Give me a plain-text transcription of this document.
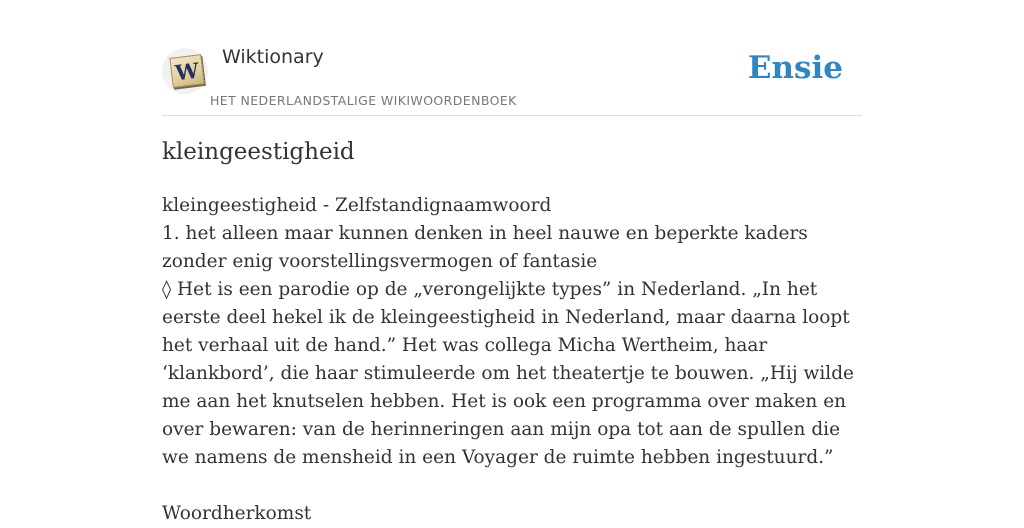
W
Wiktionary
HET NEDERLANDSTALIGE WIKIWOORDENBOEK
Ensie
kleingeestigheid

kleingeestigheid - Zelfstandignaamwoord

1. het alleen maar kunnen denken in heel nauwe en beperkte kaders zonder enig voorstellingsvermogen of fantasie

◊ Het is een parodie op de „verongelijkte types” in Nederland. „In het eerste deel hekel ik de kleingeestigheid in Nederland, maar daarna loopt het verhaal uit de hand.” Het was collega Micha Wertheim, haar ‘klankbord’, die haar stimuleerde om het theatertje te bouwen. „Hij wilde me aan het knutselen hebben. Het is ook een programma over maken en over bewaren: van de herinneringen aan mijn opa tot aan de spullen die we namens de mensheid in een Voyager de ruimte hebben ingestuurd.”

Woordherkomst
